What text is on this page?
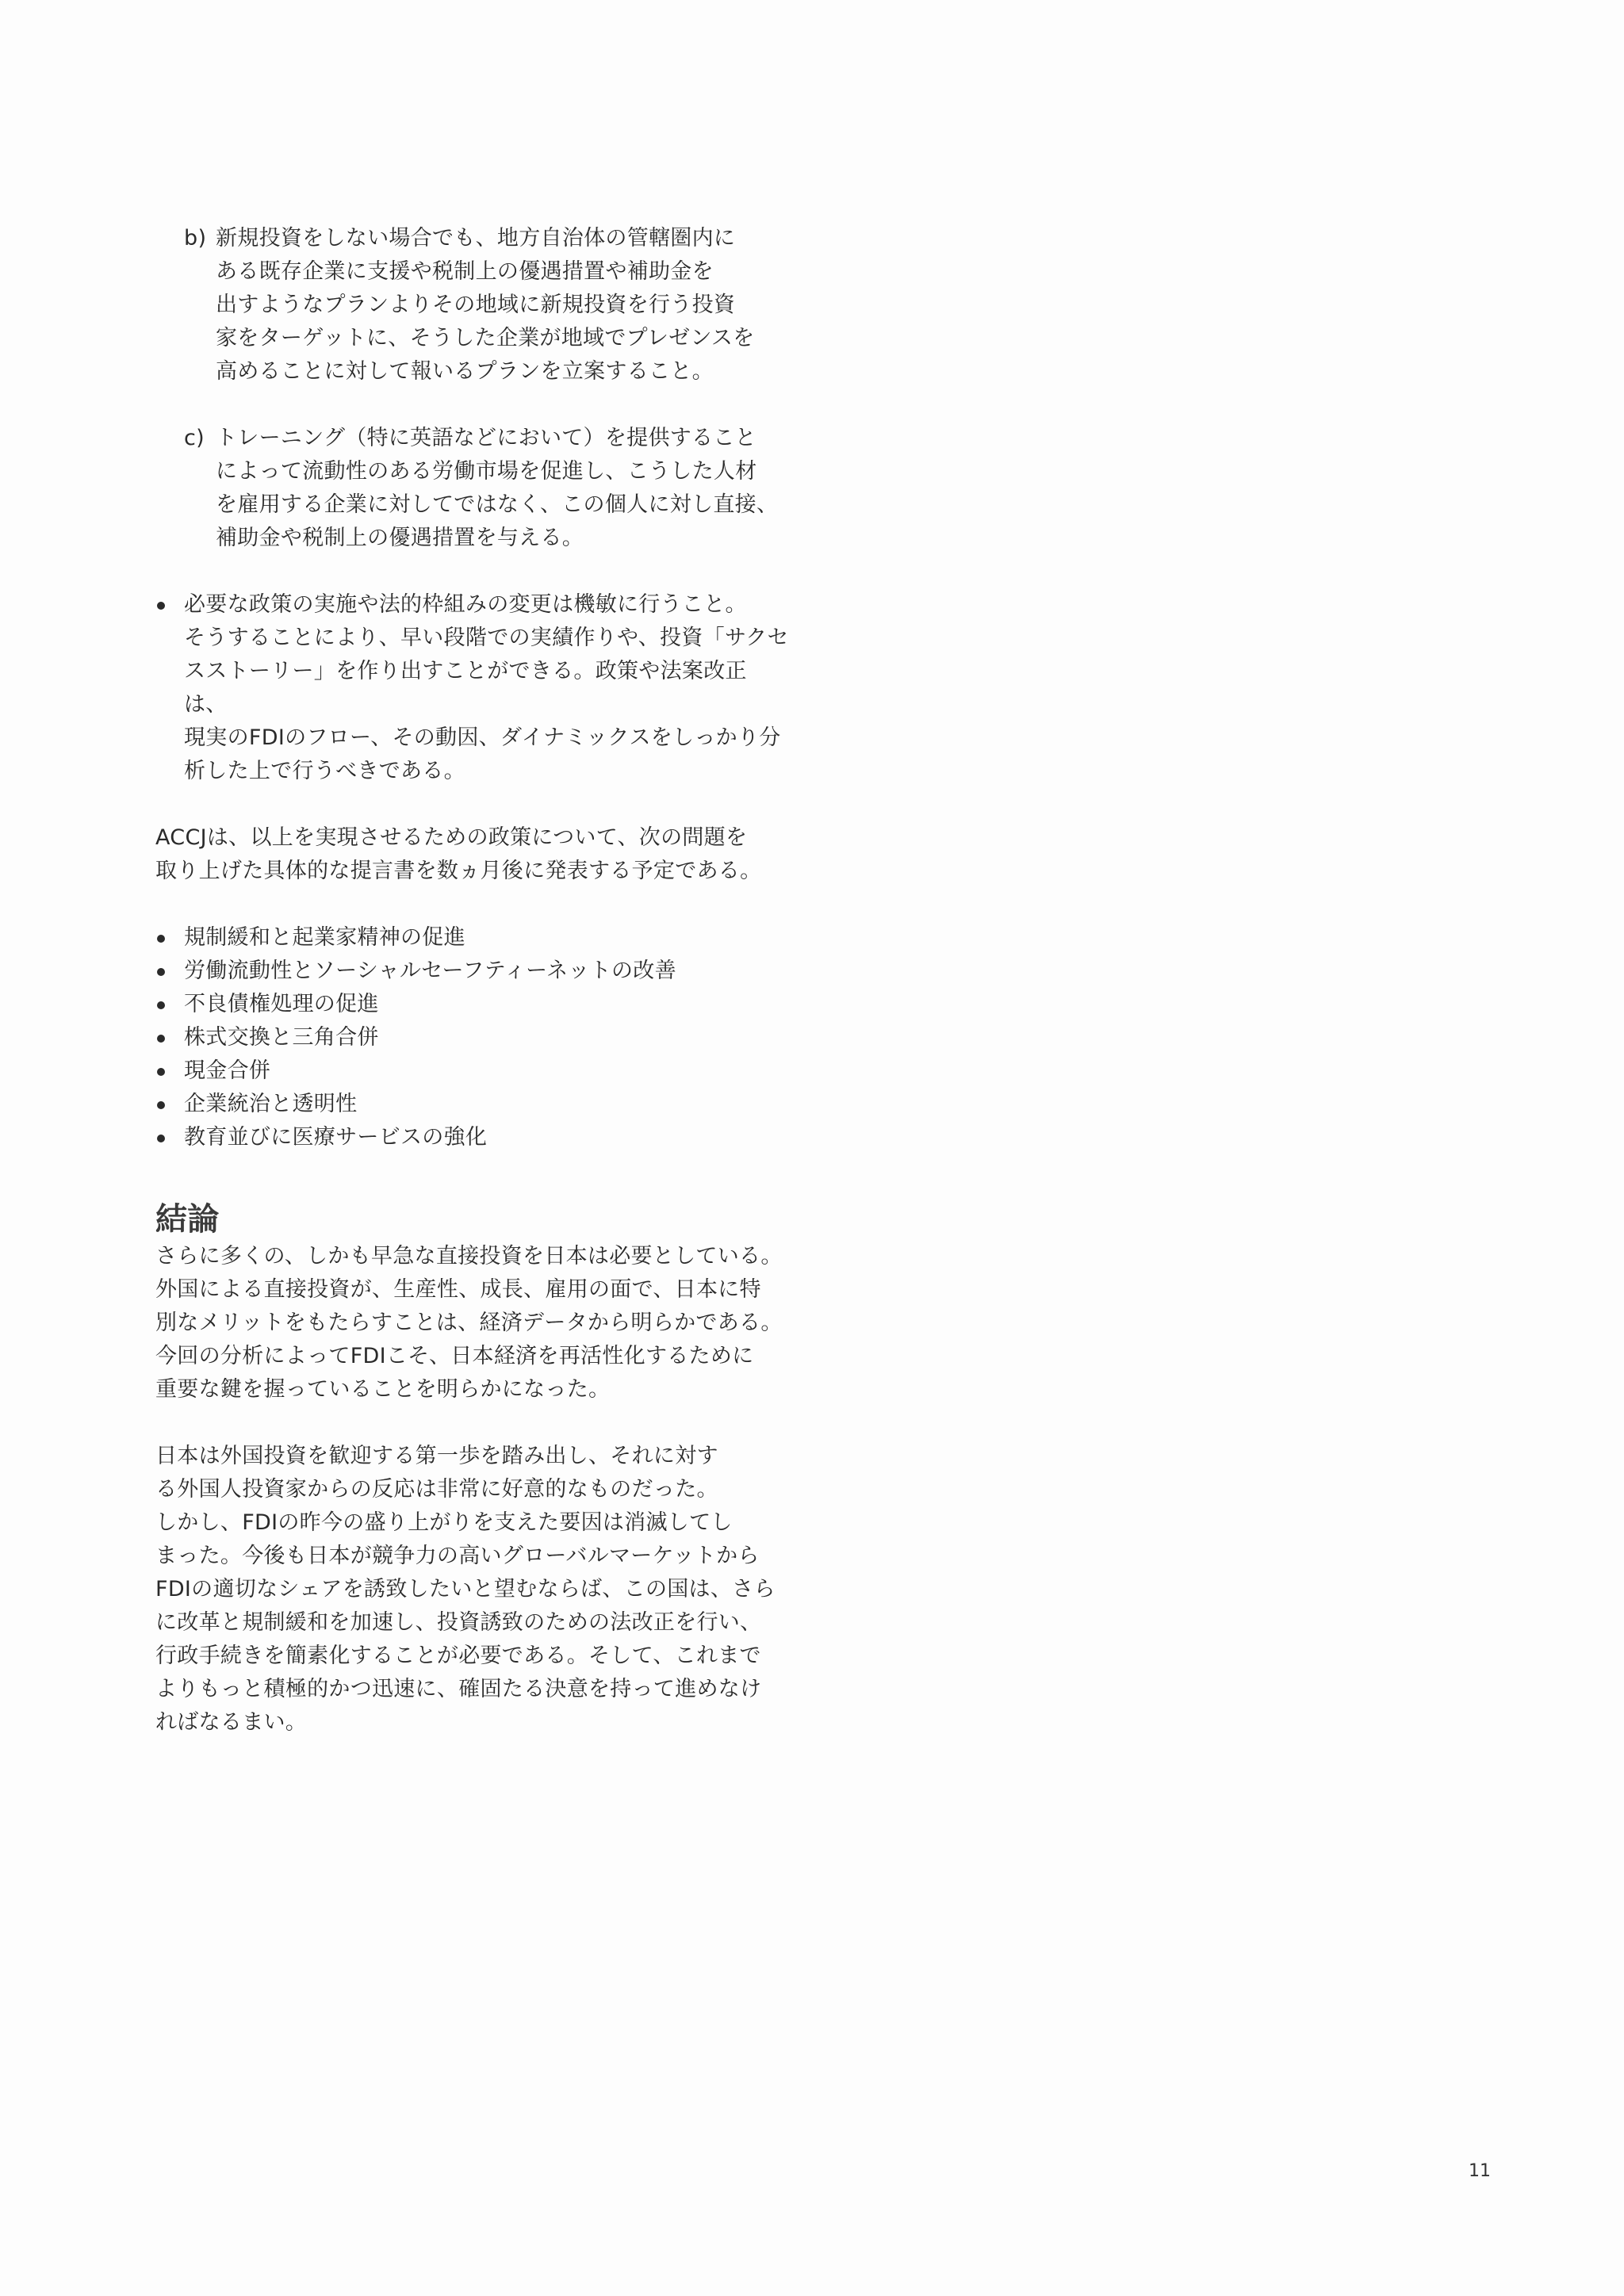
b) 新規投資をしない場合でも、地方自治体の管轄圏内に
ある既存企業に支援や税制上の優遇措置や補助金を
出すようなプランよりその地域に新規投資を行う投資
家をターゲットに、そうした企業が地域でプレゼンスを
高めることに対して報いるプランを立案すること。
c) トレーニング（特に英語などにおいて）を提供すること
によって流動性のある労働市場を促進し、こうした人材
を雇用する企業に対してではなく、この個人に対し直接、
補助金や税制上の優遇措置を与える。
必要な政策の実施や法的枠組みの変更は機敏に行うこと。
そうすることにより、早い段階での実績作りや、投資「サクセ
スストーリー」を作り出すことができる。政策や法案改正は、
現実のFDIのフロー、その動因、ダイナミックスをしっかり分
析した上で行うべきである。
ACCJは、以上を実現させるための政策について、次の問題を
取り上げた具体的な提言書を数ヵ月後に発表する予定である。
規制緩和と起業家精神の促進
労働流動性とソーシャルセーフティーネットの改善
不良債権処理の促進
株式交換と三角合併
現金合併
企業統治と透明性
教育並びに医療サービスの強化
結論
さらに多くの、しかも早急な直接投資を日本は必要としている。
外国による直接投資が、生産性、成長、雇用の面で、日本に特
別なメリットをもたらすことは、経済データから明らかである。
今回の分析によってFDIこそ、日本経済を再活性化するために
重要な鍵を握っていることを明らかになった。
日本は外国投資を歓迎する第一歩を踏み出し、それに対す
る外国人投資家からの反応は非常に好意的なものだった。
しかし、FDIの昨今の盛り上がりを支えた要因は消滅してし
まった。今後も日本が競争力の高いグローバルマーケットから
FDIの適切なシェアを誘致したいと望むならば、この国は、さら
に改革と規制緩和を加速し、投資誘致のための法改正を行い、
行政手続きを簡素化することが必要である。そして、これまで
よりもっと積極的かつ迅速に、確固たる決意を持って進めなけ
ればなるまい。
11
